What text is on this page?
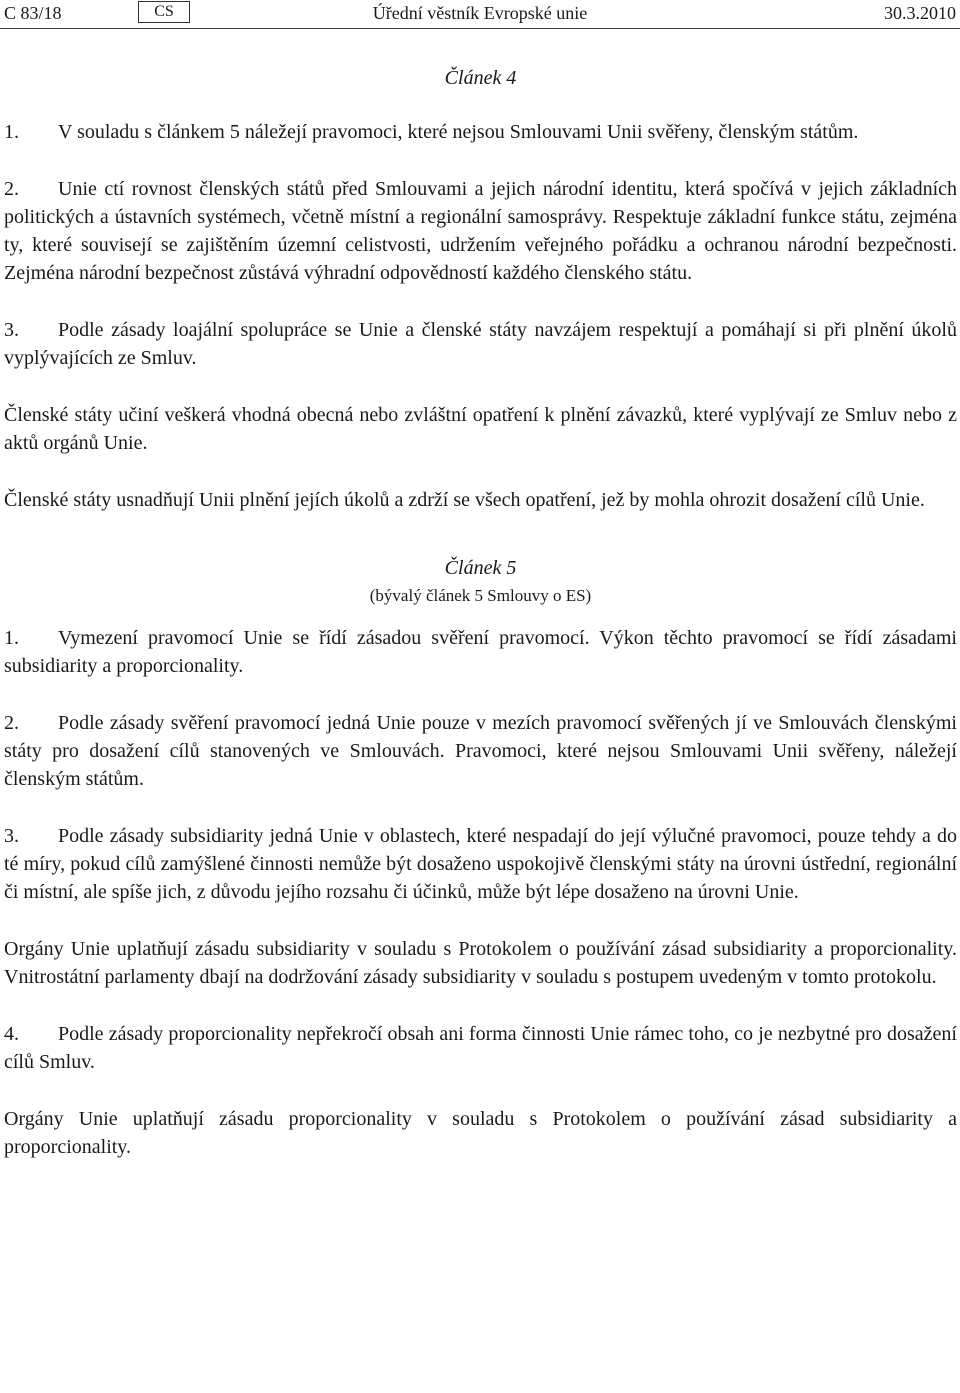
Úřední věstník Evropské unie
C 83/18	CS	30.3.2010
Článek 4

1. V souladu s článkem 5 náležejí pravomoci, které nejsou Smlouvami Unii svěřeny, členským státům.

2. Unie ctí rovnost členských států před Smlouvami a jejich národní identitu, která spočívá v jejich základních politických a ústavních systémech, včetně místní a regionální samosprávy. Respektuje základní funkce státu, zejména ty, které souvisejí se zajištěním územní celistvosti, udržením veřejného pořádku a ochranou národní bezpečnosti. Zejména národní bezpečnost zůstává výhradní odpovědností každého členského státu.

3. Podle zásady loajální spolupráce se Unie a členské státy navzájem respektují a pomáhají si při plnění úkolů vyplývajících ze Smluv.

Členské státy učiní veškerá vhodná obecná nebo zvláštní opatření k plnění závazků, které vyplývají ze Smluv nebo z aktů orgánů Unie.

Členské státy usnadňují Unii plnění jejích úkolů a zdrží se všech opatření, jež by mohla ohrozit dosažení cílů Unie.

Článek 5
(bývalý článek 5 Smlouvy o ES)

1. Vymezení pravomocí Unie se řídí zásadou svěření pravomocí. Výkon těchto pravomocí se řídí zásadami subsidiarity a proporcionality.

2. Podle zásady svěření pravomocí jedná Unie pouze v mezích pravomocí svěřených jí ve Smlouvách členskými státy pro dosažení cílů stanovených ve Smlouvách. Pravomoci, které nejsou Smlouvami Unii svěřeny, náležejí členským státům.

3. Podle zásady subsidiarity jedná Unie v oblastech, které nespadají do její výlučné pravomoci, pouze tehdy a do té míry, pokud cílů zamýšlené činnosti nemůže být dosaženo uspokojivě členskými státy na úrovni ústřední, regionální či místní, ale spíše jich, z důvodu jejího rozsahu či účinků, může být lépe dosaženo na úrovni Unie.

Orgány Unie uplatňují zásadu subsidiarity v souladu s Protokolem o používání zásad subsidiarity a proporcionality. Vnitrostátní parlamenty dbají na dodržování zásady subsidiarity v souladu s postupem uvedeným v tomto protokolu.

4. Podle zásady proporcionality nepřekročí obsah ani forma činnosti Unie rámec toho, co je nezbytné pro dosažení cílů Smluv.

Orgány Unie uplatňují zásadu proporcionality v souladu s Protokolem o používání zásad subsidiarity a proporcionality.
